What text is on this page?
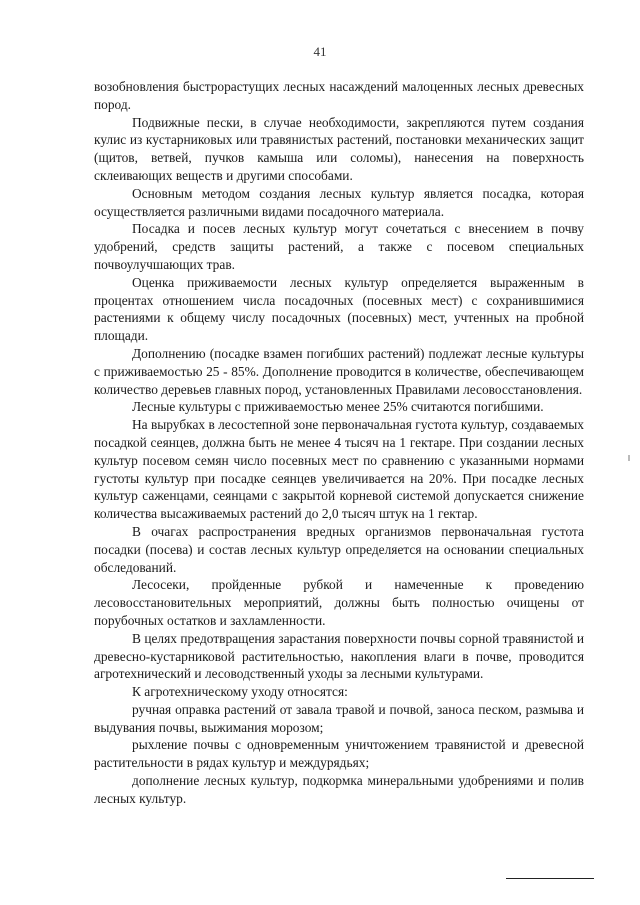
41

возобновления быстрорастущих лесных насаждений малоценных лесных древесных пород.

Подвижные пески, в случае необходимости, закрепляются путем создания кулис из кустарниковых или травянистых растений, постановки механических защит (щитов, ветвей, пучков камыша или соломы), нанесения на поверхность склеивающих веществ и другими способами.

Основным методом создания лесных культур является посадка, которая осуществляется различными видами посадочного материала.

Посадка и посев лесных культур могут сочетаться с внесением в почву удобрений, средств защиты растений, а также с посевом специальных почвоулучшающих трав.

Оценка приживаемости лесных культур определяется выраженным в процентах отношением числа посадочных (посевных мест) с сохранившимися растениями к общему числу посадочных (посевных) мест, учтенных на пробной площади.

Дополнению (посадке взамен погибших растений) подлежат лесные культуры с приживаемостью 25 - 85%. Дополнение проводится в количестве, обеспечивающем количество деревьев главных пород, установленных Правилами лесовосстановления.

Лесные культуры с приживаемостью менее 25% считаются погибшими.

На вырубках в лесостепной зоне первоначальная густота культур, создаваемых посадкой сеянцев, должна быть не менее 4 тысяч на 1 гектаре. При создании лесных культур посевом семян число посевных мест по сравнению с указанными нормами густоты культур при посадке сеянцев увеличивается на 20%. При посадке лесных культур саженцами, сеянцами с закрытой корневой системой допускается снижение количества высаживаемых растений до 2,0 тысяч штук на 1 гектар.

В очагах распространения вредных организмов первоначальная густота посадки (посева) и состав лесных культур определяется на основании специальных обследований.

Лесосеки, пройденные рубкой и намеченные к проведению лесовосстановительных мероприятий, должны быть полностью очищены от порубочных остатков и захламленности.

В целях предотвращения зарастания поверхности почвы сорной травянистой и древесно-кустарниковой растительностью, накопления влаги в почве, проводится агротехнический и лесоводственный уходы за лесными культурами.

К агротехническому уходу относятся:

ручная оправка растений от завала травой и почвой, заноса песком, размыва и выдувания почвы, выжимания морозом;

рыхление почвы с одновременным уничтожением травянистой и древесной растительности в рядах культур и междурядьях;

дополнение лесных культур, подкормка минеральными удобрениями и полив лесных культур.
